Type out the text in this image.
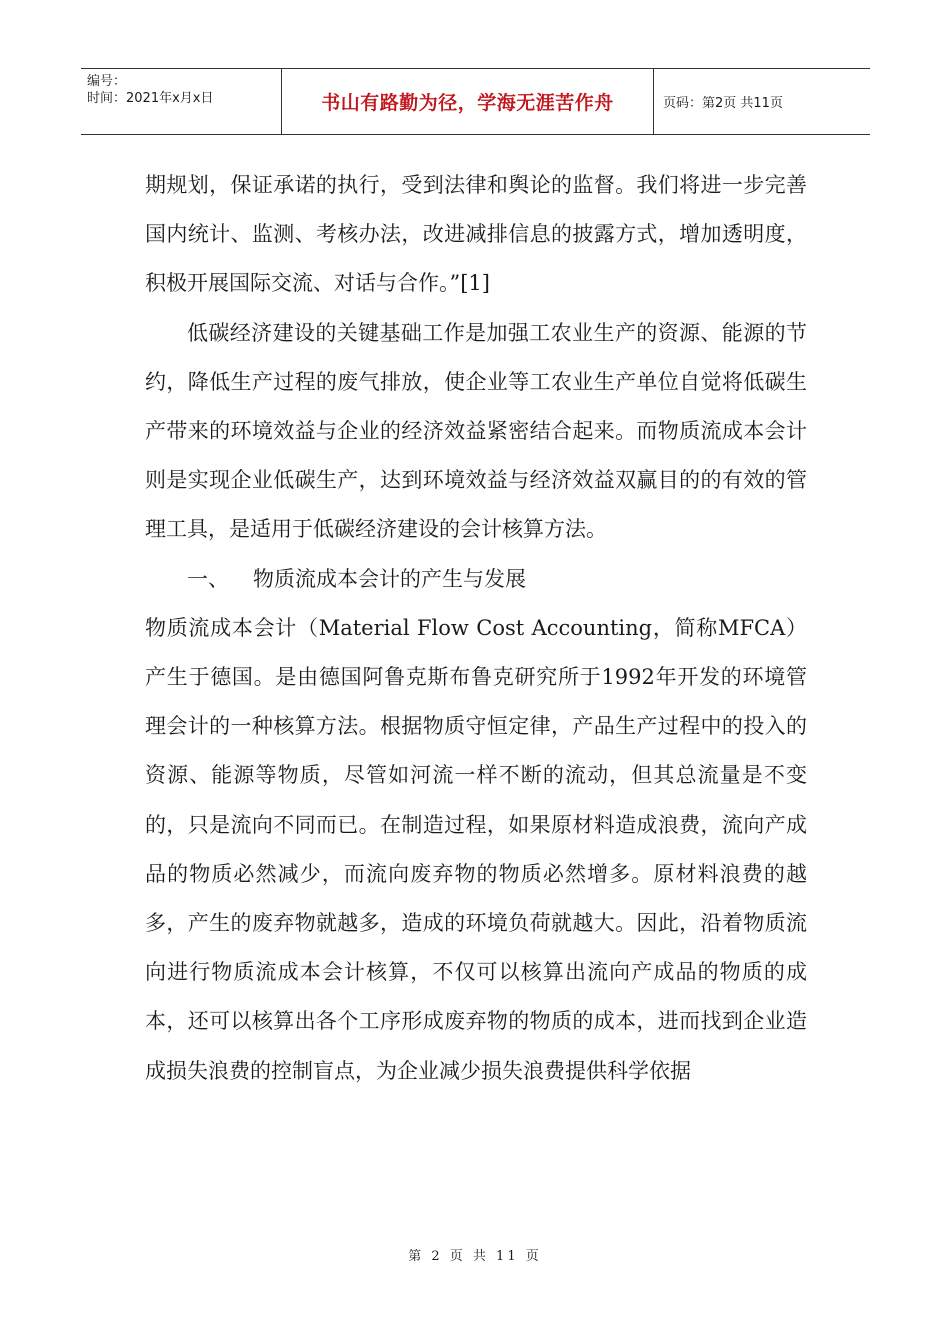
编号：
时间：2021年x月x日	书山有路勤为径，学海无涯苦作舟	页码：第2页 共11页

期规划，保证承诺的执行，受到法律和舆论的监督。我们将进一步完善国内统计、监测、考核办法，改进减排信息的披露方式，增加透明度，积极开展国际交流、对话与合作。”[1]

低碳经济建设的关键基础工作是加强工农业生产的资源、能源的节约，降低生产过程的废气排放，使企业等工农业生产单位自觉将低碳生产带来的环境效益与企业的经济效益紧密结合起来。而物质流成本会计则是实现企业低碳生产，达到环境效益与经济效益双赢目的的有效的管理工具，是适用于低碳经济建设的会计核算方法。

一、 物质流成本会计的产生与发展

物质流成本会计（Material Flow Cost Accounting，简称MFCA）产生于德国。是由德国阿鲁克斯布鲁克研究所于1992年开发的环境管理会计的一种核算方法。根据物质守恒定律，产品生产过程中的投入的资源、能源等物质，尽管如河流一样不断的流动，但其总流量是不变的，只是流向不同而已。在制造过程，如果原材料造成浪费，流向产成品的物质必然减少，而流向废弃物的物质必然增多。原材料浪费的越多，产生的废弃物就越多，造成的环境负荷就越大。因此，沿着物质流向进行物质流成本会计核算，不仅可以核算出流向产成品的物质的成本，还可以核算出各个工序形成废弃物的物质的成本，进而找到企业造成损失浪费的控制盲点，为企业减少损失浪费提供科学依据

第 2 页 共 11 页
